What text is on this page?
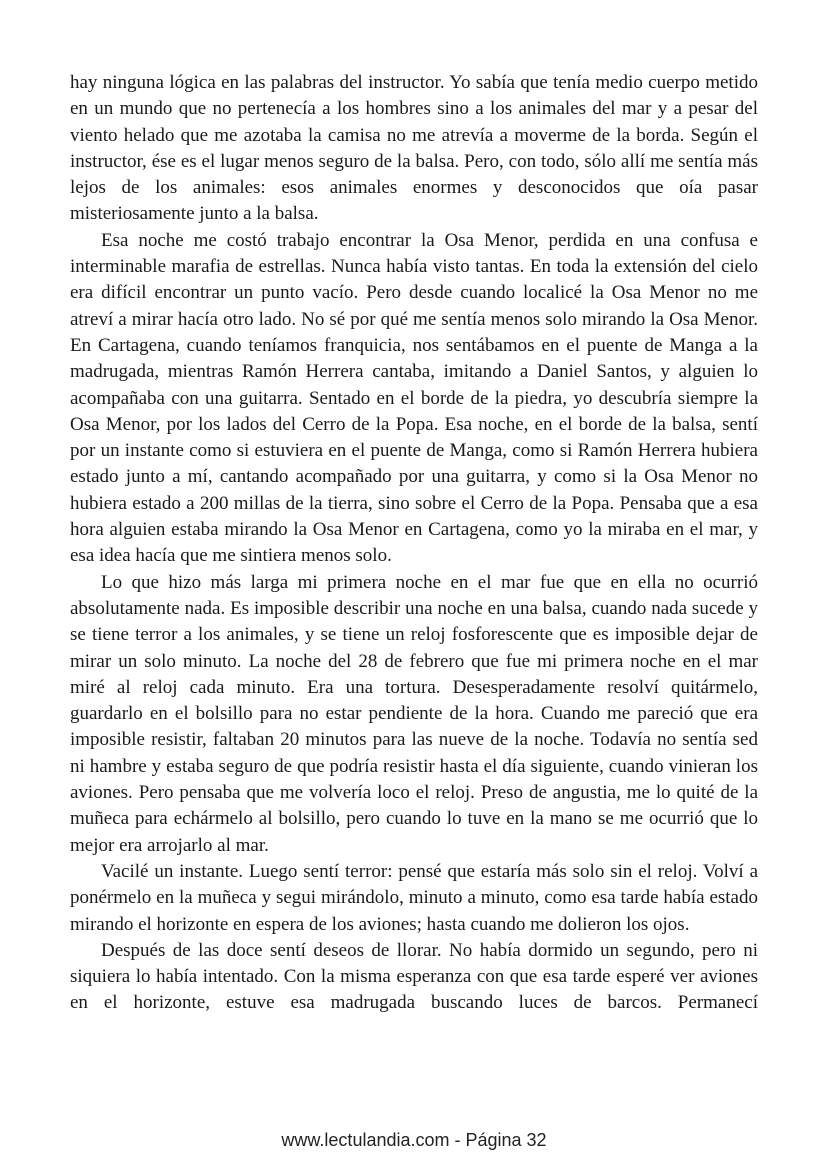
hay ninguna lógica en las palabras del instructor. Yo sabía que tenía medio cuerpo metido en un mundo que no pertenecía a los hombres sino a los animales del mar y a pesar del viento helado que me azotaba la camisa no me atrevía a moverme de la borda. Según el instructor, ése es el lugar menos seguro de la balsa. Pero, con todo, sólo allí me sentía más lejos de los animales: esos animales enormes y desconocidos que oía pasar misteriosamente junto a la balsa.

Esa noche me costó trabajo encontrar la Osa Menor, perdida en una confusa e interminable marafia de estrellas. Nunca había visto tantas. En toda la extensión del cielo era difícil encontrar un punto vacío. Pero desde cuando localicé la Osa Menor no me atreví a mirar hacía otro lado. No sé por qué me sentía menos solo mirando la Osa Menor. En Cartagena, cuando teníamos franquicia, nos sentábamos en el puente de Manga a la madrugada, mientras Ramón Herrera cantaba, imitando a Daniel Santos, y alguien lo acompañaba con una guitarra. Sentado en el borde de la piedra, yo descubría siempre la Osa Menor, por los lados del Cerro de la Popa. Esa noche, en el borde de la balsa, sentí por un instante como si estuviera en el puente de Manga, como si Ramón Herrera hubiera estado junto a mí, cantando acompañado por una guitarra, y como si la Osa Menor no hubiera estado a 200 millas de la tierra, sino sobre el Cerro de la Popa. Pensaba que a esa hora alguien estaba mirando la Osa Menor en Cartagena, como yo la miraba en el mar, y esa idea hacía que me sintiera menos solo.

Lo que hizo más larga mi primera noche en el mar fue que en ella no ocurrió absolutamente nada. Es imposible describir una noche en una balsa, cuando nada sucede y se tiene terror a los animales, y se tiene un reloj fosforescente que es imposible dejar de mirar un solo minuto. La noche del 28 de febrero que fue mi primera noche en el mar miré al reloj cada minuto. Era una tortura. Desesperadamente resolví quitármelo, guardarlo en el bolsillo para no estar pendiente de la hora. Cuando me pareció que era imposible resistir, faltaban 20 minutos para las nueve de la noche. Todavía no sentía sed ni hambre y estaba seguro de que podría resistir hasta el día siguiente, cuando vinieran los aviones. Pero pensaba que me volvería loco el reloj. Preso de angustia, me lo quité de la muñeca para echármelo al bolsillo, pero cuando lo tuve en la mano se me ocurrió que lo mejor era arrojarlo al mar.

Vacilé un instante. Luego sentí terror: pensé que estaría más solo sin el reloj. Volví a ponérmelo en la muñeca y segui mirándolo, minuto a minuto, como esa tarde había estado mirando el horizonte en espera de los aviones; hasta cuando me dolieron los ojos.

Después de las doce sentí deseos de llorar. No había dormido un segundo, pero ni siquiera lo había intentado. Con la misma esperanza con que esa tarde esperé ver aviones en el horizonte, estuve esa madrugada buscando luces de barcos. Permanecí

www.lectulandia.com - Página 32
